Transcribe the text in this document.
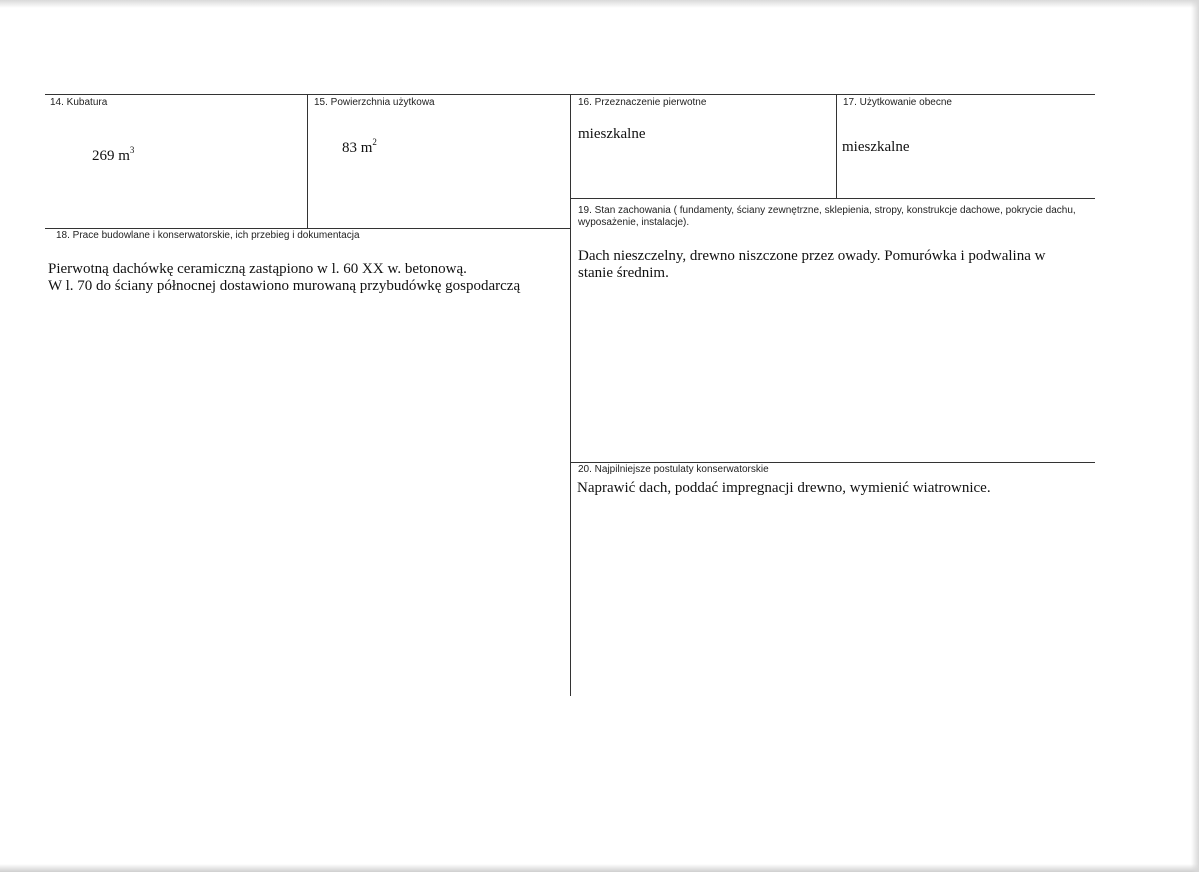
14. Kubatura
269 $m^3$
15. Powierzchnia użytkowa
83 $m^2$
16. Przeznaczenie pierwotne
mieszkalne
17. Użytkowanie obecne
mieszkalne
18. Prace budowlane i konserwatorskie, ich przebieg i dokumentacja
Pierwotną dachówkę ceramiczną zastąpiono w l. 60 XX w. betonową.
W l. 70 do ściany północnej dostawiono murowaną przybudówkę gospodarczą
19. Stan zachowania ( fundamenty, ściany zewnętrzne, sklepienia, stropy, konstrukcje dachowe, pokrycie dachu, wyposażenie, instalacje).
Dach nieszczelny, drewno niszczone przez owady. Pomurówka i podwalina w stanie średnim.
20. Najpilniejsze postulaty konserwatorskie
Naprawić dach, poddać impregnacji drewno, wymienić wiatrownice.
